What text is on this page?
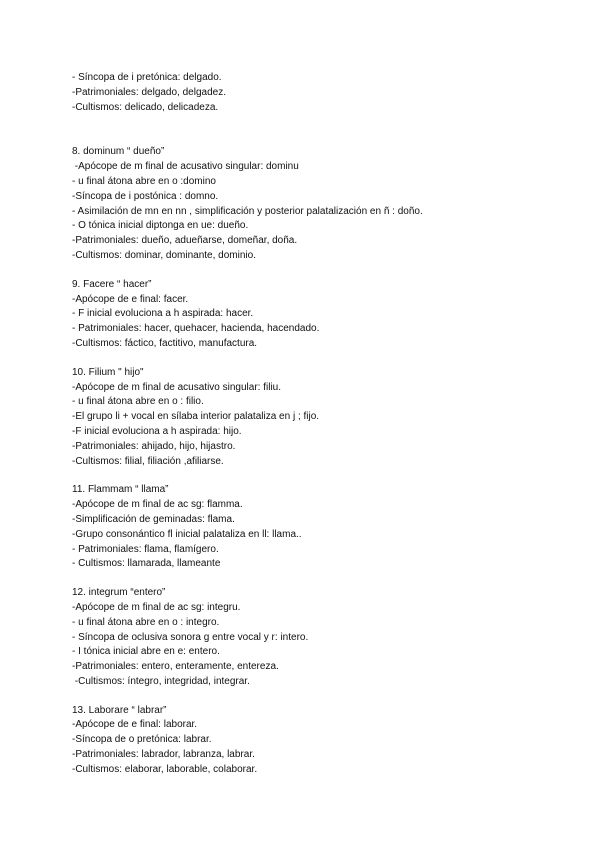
- Síncopa de i pretónica: delgado.
-Patrimoniales: delgado, delgadez.
-Cultismos: delicado, delicadeza.
8. dominum “ dueño”
-Apócope de m final de acusativo singular: dominu
- u final átona abre en o :domino
-Síncopa de i postónica : domno.
- Asimilación de mn en nn , simplificación y posterior palatalización en ñ : doño.
- O tónica inicial diptonga en ue: dueño.
-Patrimoniales: dueño, adueñarse, domeñar, doña.
-Cultismos: dominar, dominante, dominio.
9. Facere “ hacer”
-Apócope de e final: facer.
- F inicial evoluciona a h aspirada: hacer.
- Patrimoniales: hacer, quehacer, hacienda, hacendado.
-Cultismos: fáctico, factitivo, manufactura.
10. Filium " hijo"
-Apócope de m final de acusativo singular: filiu.
- u final átona abre en o : filio.
-El grupo li + vocal en sílaba interior palataliza en j ; fijo.
-F inicial evoluciona a h aspirada: hijo.
-Patrimoniales: ahijado, hijo, hijastro.
-Cultismos: filial, filiación ,afiliarse.
11. Flammam “ llama”
-Apócope de m final de ac sg: flamma.
-Simplificación de geminadas: flama.
-Grupo consonántico fl inicial palataliza en ll: llama..
- Patrimoniales: flama, flamígero.
- Cultismos: llamarada, llameante
12. integrum “entero”
-Apócope de m final de ac sg: integru.
- u final átona abre en o : integro.
- Síncopa de oclusiva sonora g entre vocal y r: intero.
- I tónica inicial abre en e: entero.
-Patrimoniales: entero, enteramente, entereza.
-Cultismos: íntegro, integridad, integrar.
13. Laborare “ labrar”
-Apócope de e final: laborar.
-Síncopa de o pretónica: labrar.
-Patrimoniales: labrador, labranza, labrar.
-Cultismos: elaborar, laborable, colaborar.
